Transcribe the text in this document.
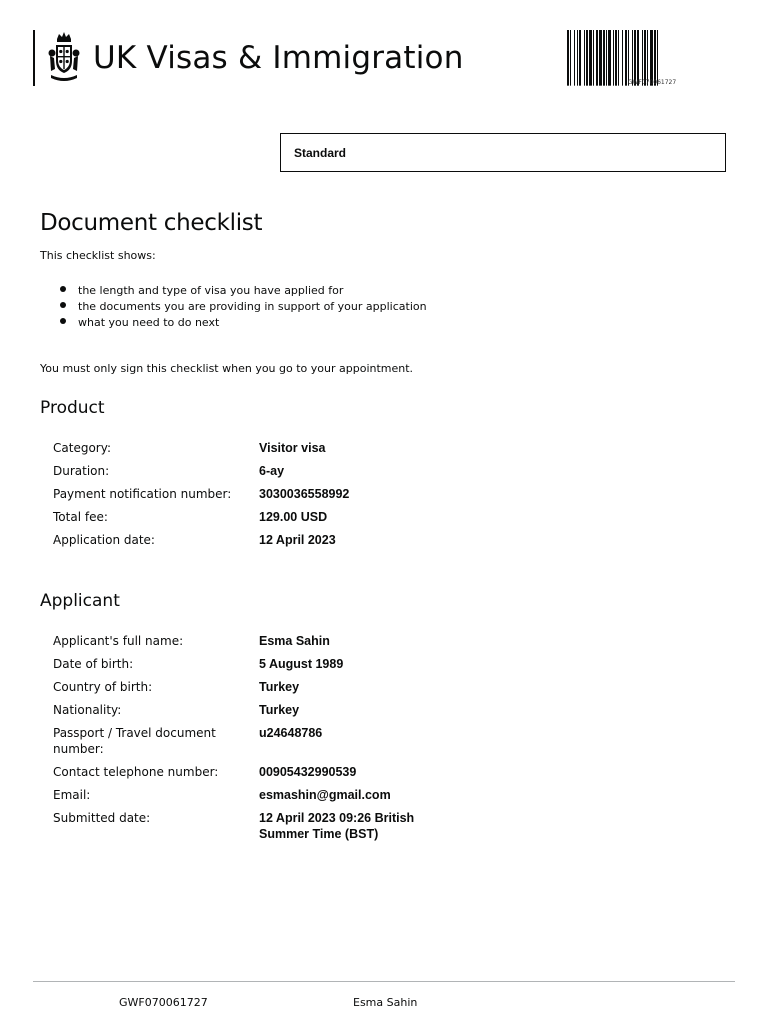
UK Visas & Immigration
GWF070061727
Standard
Document checklist
This checklist shows:
the length and type of visa you have applied for
the documents you are providing in support of your application
what you need to do next
You must only sign this checklist when you go to your appointment.
Product
Category:	Visitor visa
Duration:	6-ay
Payment notification number:	3030036558992
Total fee:	129.00 USD
Application date:	12 April 2023
Applicant
Applicant's full name:	Esma Sahin
Date of birth:	5 August 1989
Country of birth:	Turkey
Nationality:	Turkey
Passport / Travel document number:
u24648786
Contact telephone number:	00905432990539
Email:	esmashin@gmail.com
Submitted date:	12 April 2023 09:26 British Summer Time (BST)
GWF070061727	Esma Sahin
